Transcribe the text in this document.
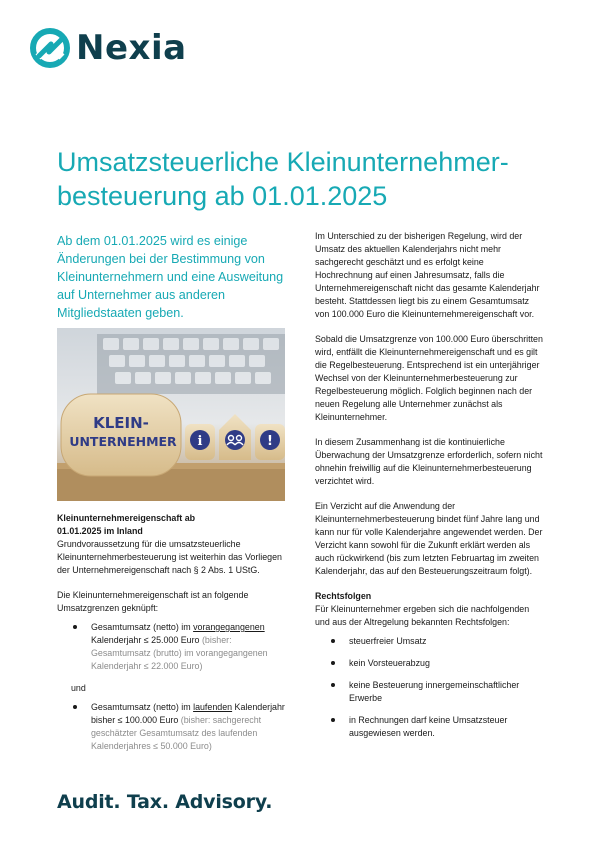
Nexia
Umsatzsteuerliche Kleinunternehmer-
besteuerung ab 01.01.2025
Ab dem 01.01.2025 wird es einige Änderungen bei der Bestimmung von Kleinunternehmern und eine Ausweitung auf Unternehmer aus anderen Mitgliedstaaten geben.
KLEIN-
UNTERNEHMER i	!

Kleinunternehmereigenschaft ab
01.01.2025 im Inland

Grundvoraussetzung für die umsatzsteuerliche Kleinunternehmerbesteuerung ist weiterhin das Vorliegen der Unternehmereigenschaft nach § 2 Abs. 1 UStG.

Die Kleinunternehmereigenschaft ist an folgende Umsatzgrenzen geknüpft:

Gesamtumsatz (netto) im vorangegangenen Kalenderjahr ≤ 25.000 Euro (bisher: Gesamtumsatz (brutto) im vorangegangenen Kalenderjahr ≤ 22.000 Euro)

und

Gesamtumsatz (netto) im laufenden Kalenderjahr bisher ≤ 100.000 Euro (bisher: sachgerecht geschätzter Gesamtumsatz des laufenden Kalenderjahres ≤ 50.000 Euro)

Im Unterschied zu der bisherigen Regelung, wird der Umsatz des aktuellen Kalenderjahrs nicht mehr sachgerecht geschätzt und es erfolgt keine Hochrechnung auf einen Jahresumsatz, falls die Unternehmereigenschaft nicht das gesamte Kalenderjahr besteht. Stattdessen liegt bis zu einem Gesamtumsatz von 100.000 Euro die Kleinunternehmereigenschaft vor.

Sobald die Umsatzgrenze von 100.000 Euro überschritten wird, entfällt die Kleinunternehmereigenschaft und es gilt die Regelbesteuerung. Entsprechend ist ein unterjähriger Wechsel von der Kleinunternehmerbesteuerung zur Regelbesteuerung möglich. Folglich beginnen nach der neuen Regelung alle Unternehmer zunächst als Kleinunternehmer.

In diesem Zusammenhang ist die kontinuierliche Überwachung der Umsatzgrenze erforderlich, sofern nicht ohnehin freiwillig auf die Kleinunternehmerbesteuerung verzichtet wird.

Ein Verzicht auf die Anwendung der Kleinunternehmerbesteuerung bindet fünf Jahre lang und kann nur für volle Kalenderjahre angewendet werden. Der Verzicht kann sowohl für die Zukunft erklärt werden als auch rückwirkend (bis zum letzten Februartag im zweiten Kalenderjahr, das auf den Besteuerungszeitraum folgt).

Rechtsfolgen

Für Kleinunternehmer ergeben sich die nachfolgenden und aus der Altregelung bekannten Rechtsfolgen:

steuerfreier Umsatz
kein Vorsteuerabzug
keine Besteuerung innergemeinschaftlicher Erwerbe
in Rechnungen darf keine Umsatzsteuer ausgewiesen werden.
Audit. Tax. Advisory.
